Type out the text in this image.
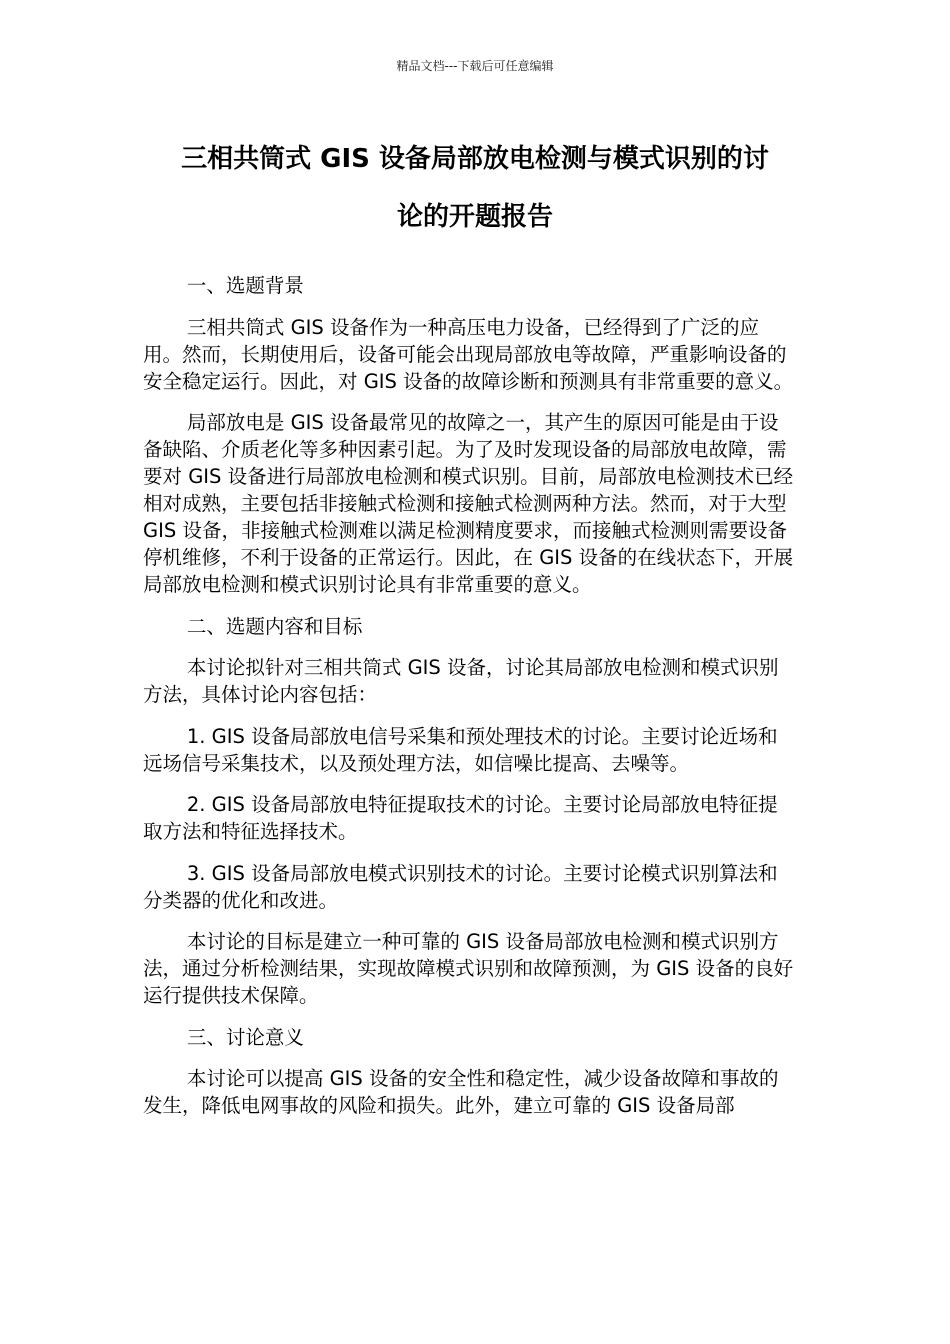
精品文档---下载后可任意编辑
三相共筒式 GIS 设备局部放电检测与模式识别的讨
论的开题报告

一、选题背景

三相共筒式 GIS 设备作为一种高压电力设备，已经得到了广泛的应用。然而，长期使用后，设备可能会出现局部放电等故障，严重影响设备的安全稳定运行。因此，对 GIS 设备的故障诊断和预测具有非常重要的意义。

局部放电是 GIS 设备最常见的故障之一，其产生的原因可能是由于设备缺陷、介质老化等多种因素引起。为了及时发现设备的局部放电故障，需要对 GIS 设备进行局部放电检测和模式识别。目前，局部放电检测技术已经相对成熟，主要包括非接触式检测和接触式检测两种方法。然而，对于大型 GIS 设备，非接触式检测难以满足检测精度要求，而接触式检测则需要设备停机维修，不利于设备的正常运行。因此，在 GIS 设备的在线状态下，开展局部放电检测和模式识别讨论具有非常重要的意义。

二、选题内容和目标

本讨论拟针对三相共筒式 GIS 设备，讨论其局部放电检测和模式识别方法，具体讨论内容包括：

1. GIS 设备局部放电信号采集和预处理技术的讨论。主要讨论近场和远场信号采集技术，以及预处理方法，如信噪比提高、去噪等。

2. GIS 设备局部放电特征提取技术的讨论。主要讨论局部放电特征提取方法和特征选择技术。

3. GIS 设备局部放电模式识别技术的讨论。主要讨论模式识别算法和分类器的优化和改进。

本讨论的目标是建立一种可靠的 GIS 设备局部放电检测和模式识别方法，通过分析检测结果，实现故障模式识别和故障预测，为 GIS 设备的良好运行提供技术保障。

三、讨论意义

本讨论可以提高 GIS 设备的安全性和稳定性，减少设备故障和事故的发生，降低电网事故的风险和损失。此外，建立可靠的 GIS 设备局部
